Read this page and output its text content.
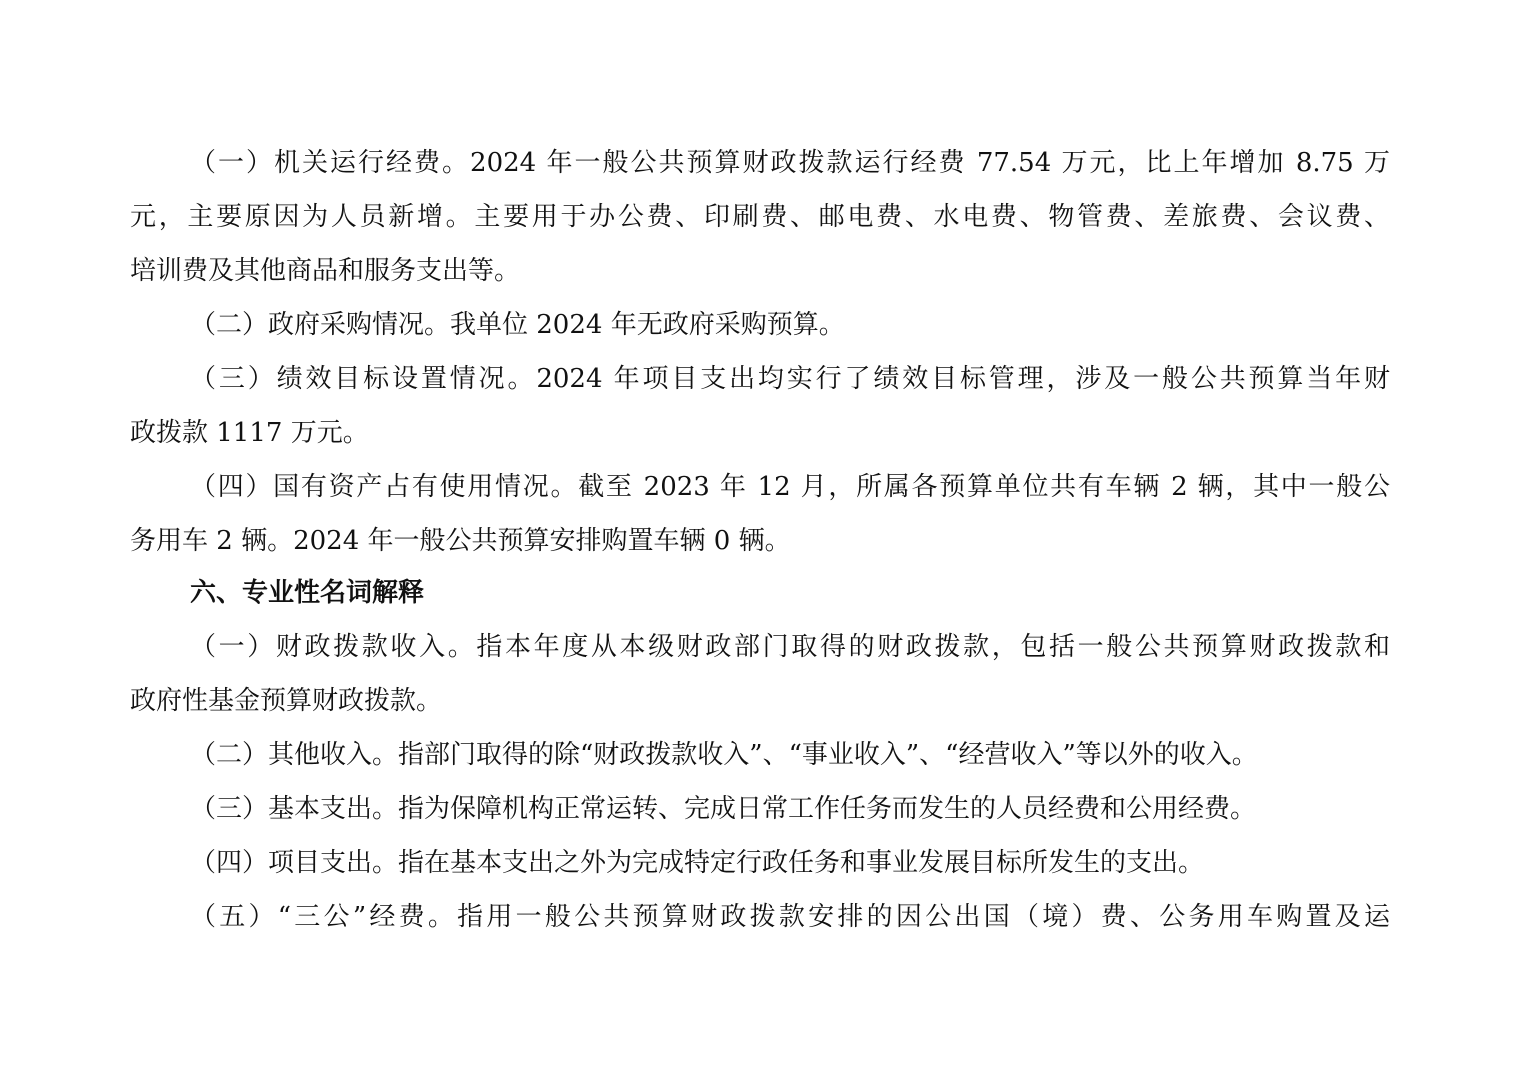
（一）机关运行经费。2024 年一般公共预算财政拨款运行经费 77.54 万元，比上年增加 8.75 万
元，主要原因为人员新增。主要用于办公费、印刷费、邮电费、水电费、物管费、差旅费、会议费、
培训费及其他商品和服务支出等。
（二）政府采购情况。我单位 2024 年无政府采购预算。
（三）绩效目标设置情况。2024 年项目支出均实行了绩效目标管理，涉及一般公共预算当年财
政拨款 1117 万元。
（四）国有资产占有使用情况。截至 2023 年 12 月，所属各预算单位共有车辆 2 辆，其中一般公
务用车 2 辆。2024 年一般公共预算安排购置车辆 0 辆。
六、专业性名词解释
（一）财政拨款收入。指本年度从本级财政部门取得的财政拨款，包括一般公共预算财政拨款和
政府性基金预算财政拨款。
（二）其他收入。指部门取得的除“财政拨款收入”、“事业收入”、“经营收入”等以外的收入。
（三）基本支出。指为保障机构正常运转、完成日常工作任务而发生的人员经费和公用经费。
（四）项目支出。指在基本支出之外为完成特定行政任务和事业发展目标所发生的支出。
（五）“三公”经费。指用一般公共预算财政拨款安排的因公出国（境）费、公务用车购置及运
